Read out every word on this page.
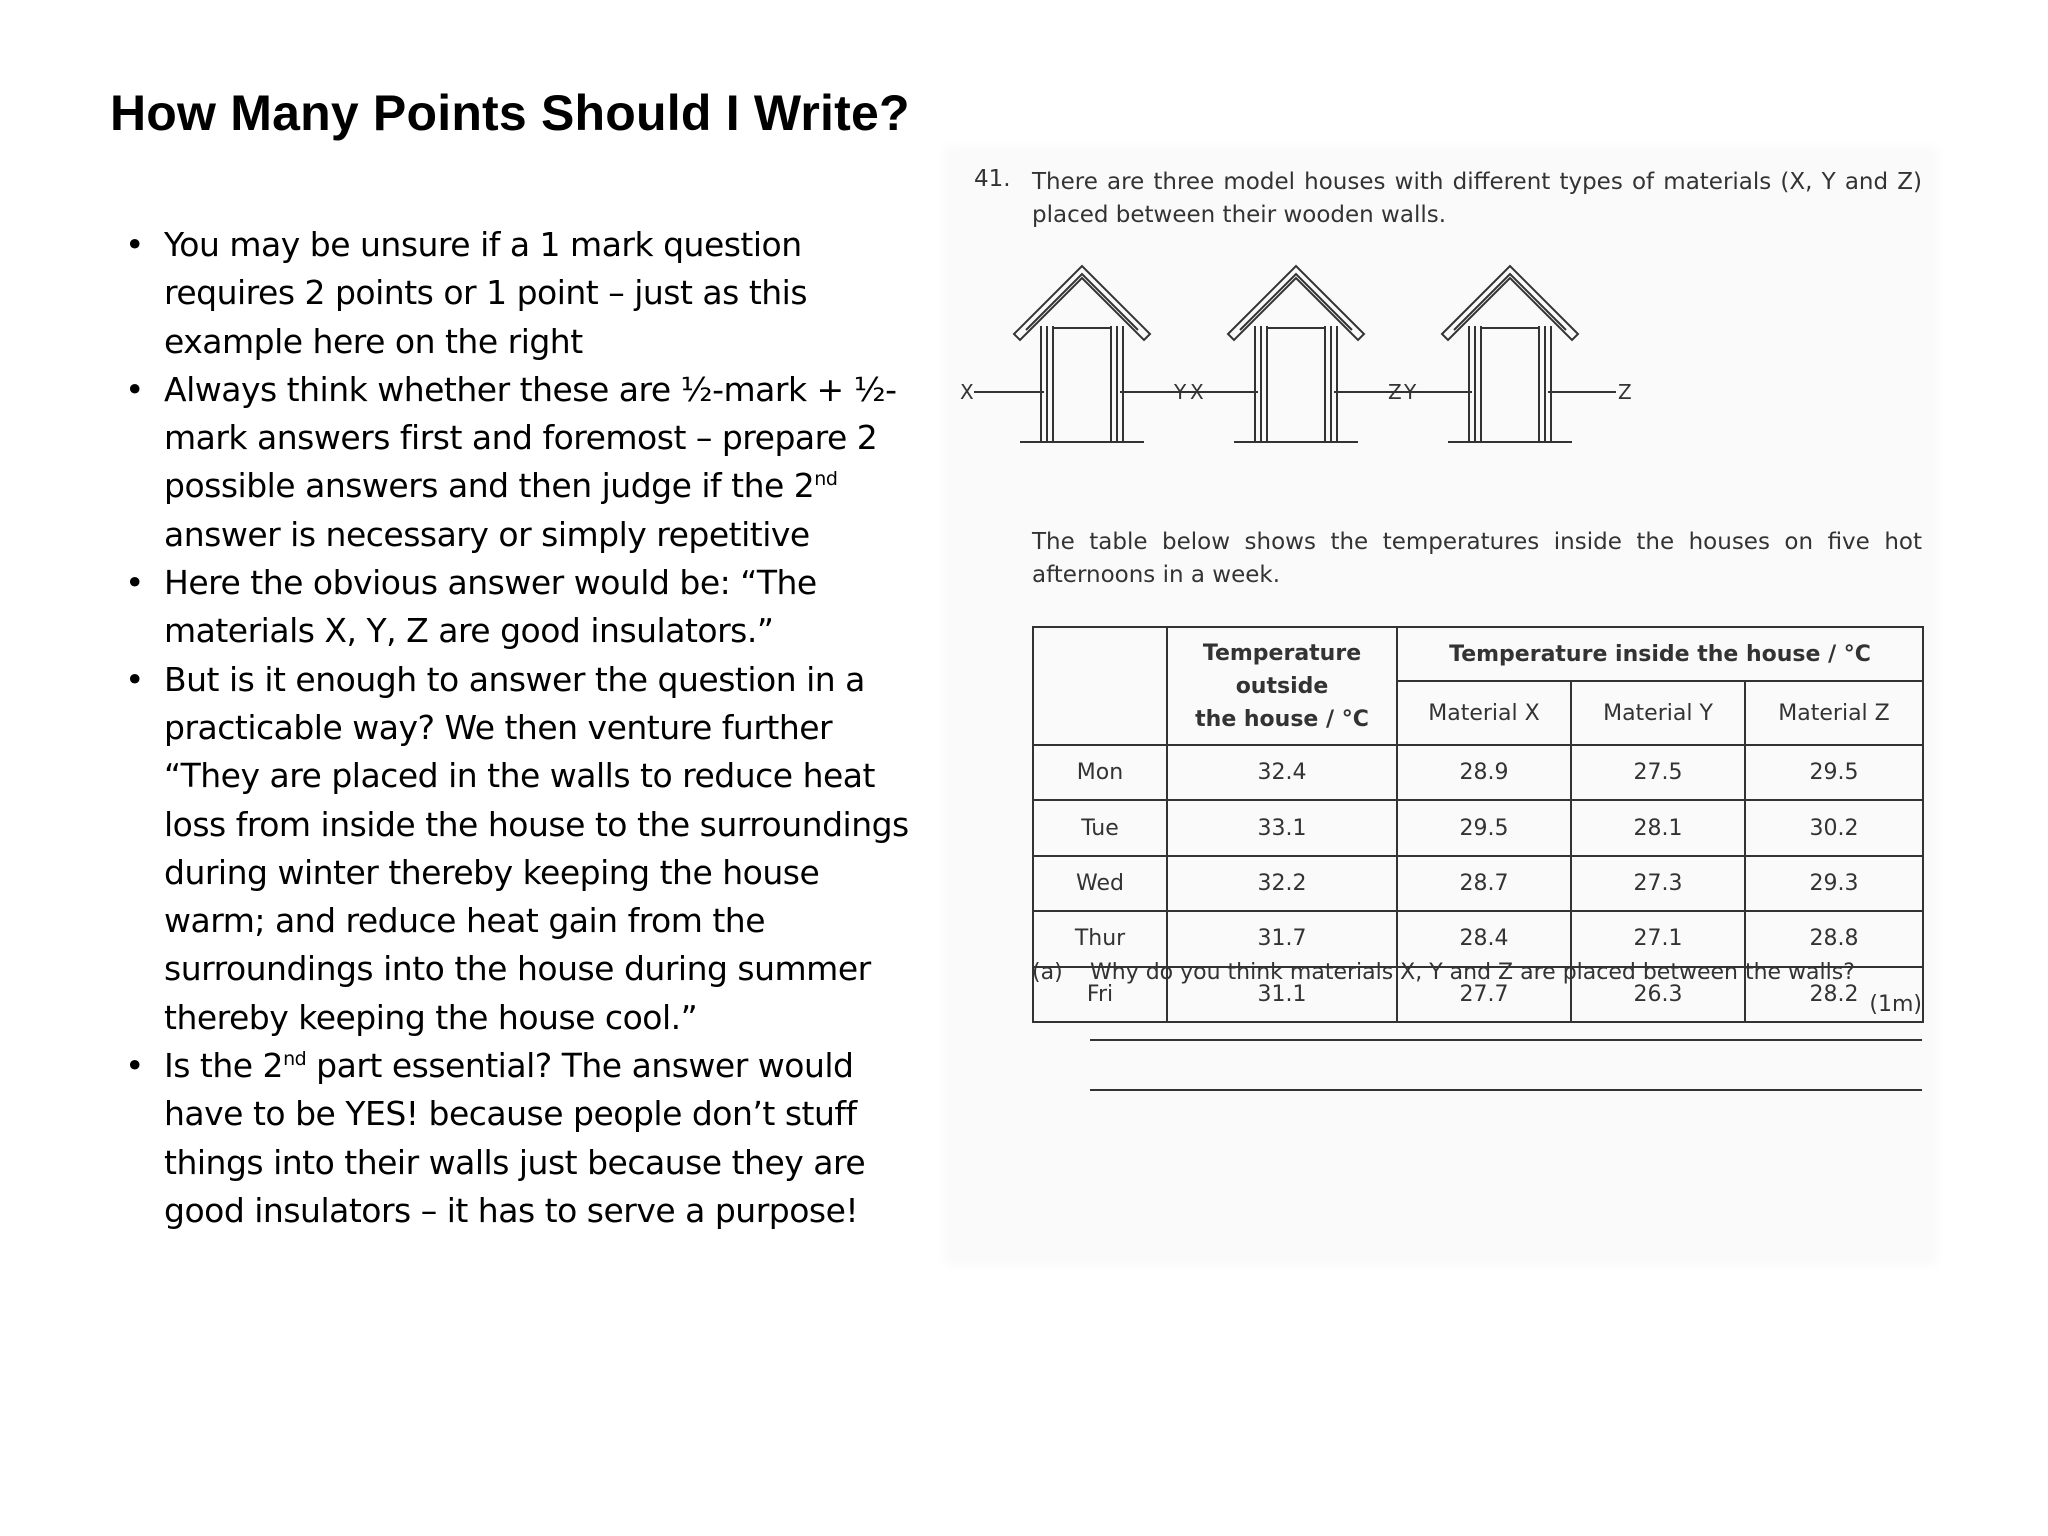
How Many Points Should I Write?
• You may be unsure if a 1 mark question requires 2 points or 1 point – just as this example here on the right
• Always think whether these are ½-mark + ½-mark answers first and foremost – prepare 2 possible answers and then judge if the 2nd answer is necessary or simply repetitive
• Here the obvious answer would be: “The materials X, Y, Z are good insulators.”
• But is it enough to answer the question in a practicable way? We then venture further “They are placed in the walls to reduce heat loss from inside the house to the surroundings during winter thereby keeping the house warm; and reduce heat gain from the surroundings into the house during summer thereby keeping the house cool.”
• Is the 2nd part essential? The answer would have to be YES! because people don’t stuff things into their walls just because they are good insulators – it has to serve a purpose!
41. There are three model houses with different types of materials (X, Y and Z) placed between their wooden walls.

X	X
Y	Y
Z	Z

The table below shows the temperatures inside the houses on five hot afternoons in a week.

	Temperature
outside
the house / °C	Temperature inside the house / °C		
		Material X	Material Y	Material Z
Mon	32.4	28.9	27.5	29.5
Tue	33.1	29.5	28.1	30.2
Wed	32.2	28.7	27.3	29.3
Thur	31.7	28.4	27.1	28.8
Fri	31.1	27.7	26.3	28.2
(a) Why do you think materials X, Y and Z are placed between the walls?
(1m)
